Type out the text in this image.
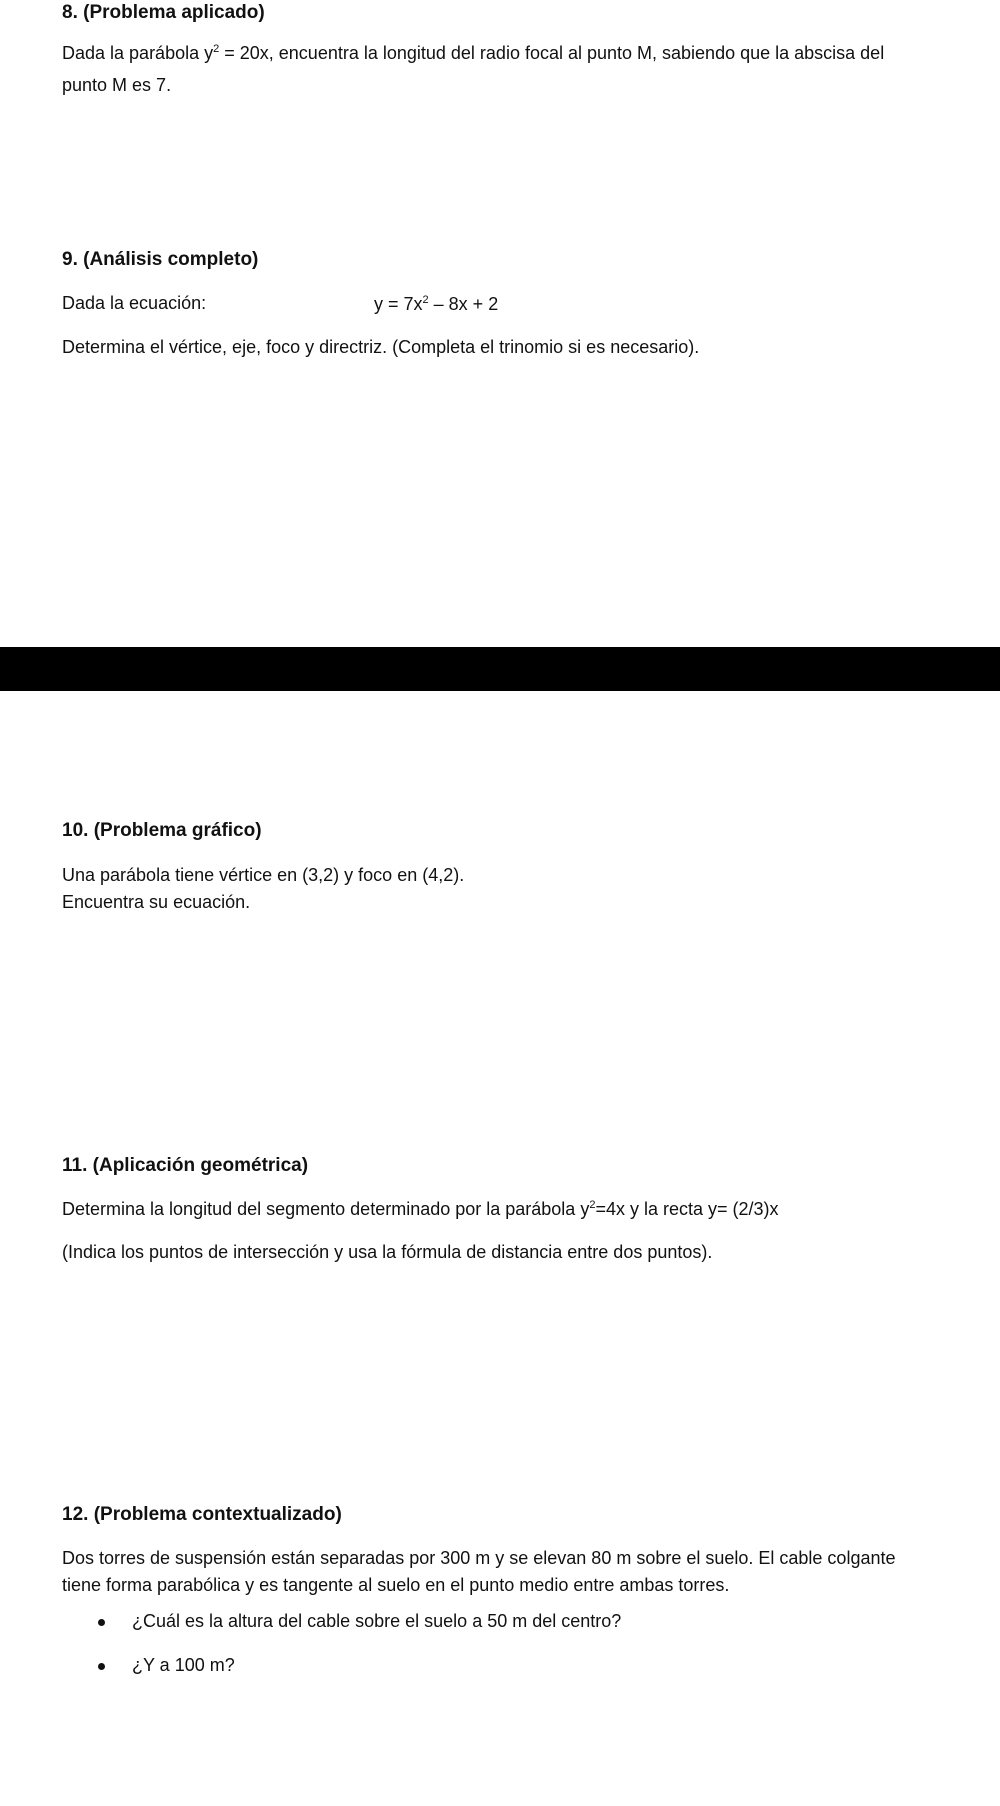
8. (Problema aplicado)

Dada la parábola $y^2 = 20x$, encuentra la longitud del radio focal al punto M, sabiendo que la abscisa del

punto M es 7.

9. (Análisis completo)

Dada la ecuación:	$y = 7x^2 - 8x + 2$

Determina el vértice, eje, foco y directriz. (Completa el trinomio si es necesario).

10. (Problema gráfico)

Una parábola tiene vértice en (3,2) y foco en (4,2).

Encuentra su ecuación.

11. (Aplicación geométrica)

Determina la longitud del segmento determinado por la parábola $y^2=4x$ y la recta y= (2/3)x

(Indica los puntos de intersección y usa la fórmula de distancia entre dos puntos).

12. (Problema contextualizado)

Dos torres de suspensión están separadas por 300 m y se elevan 80 m sobre el suelo. El cable colgante

tiene forma parabólica y es tangente al suelo en el punto medio entre ambas torres.

¿Cuál es la altura del cable sobre el suelo a 50 m del centro?
¿Y a 100 m?
